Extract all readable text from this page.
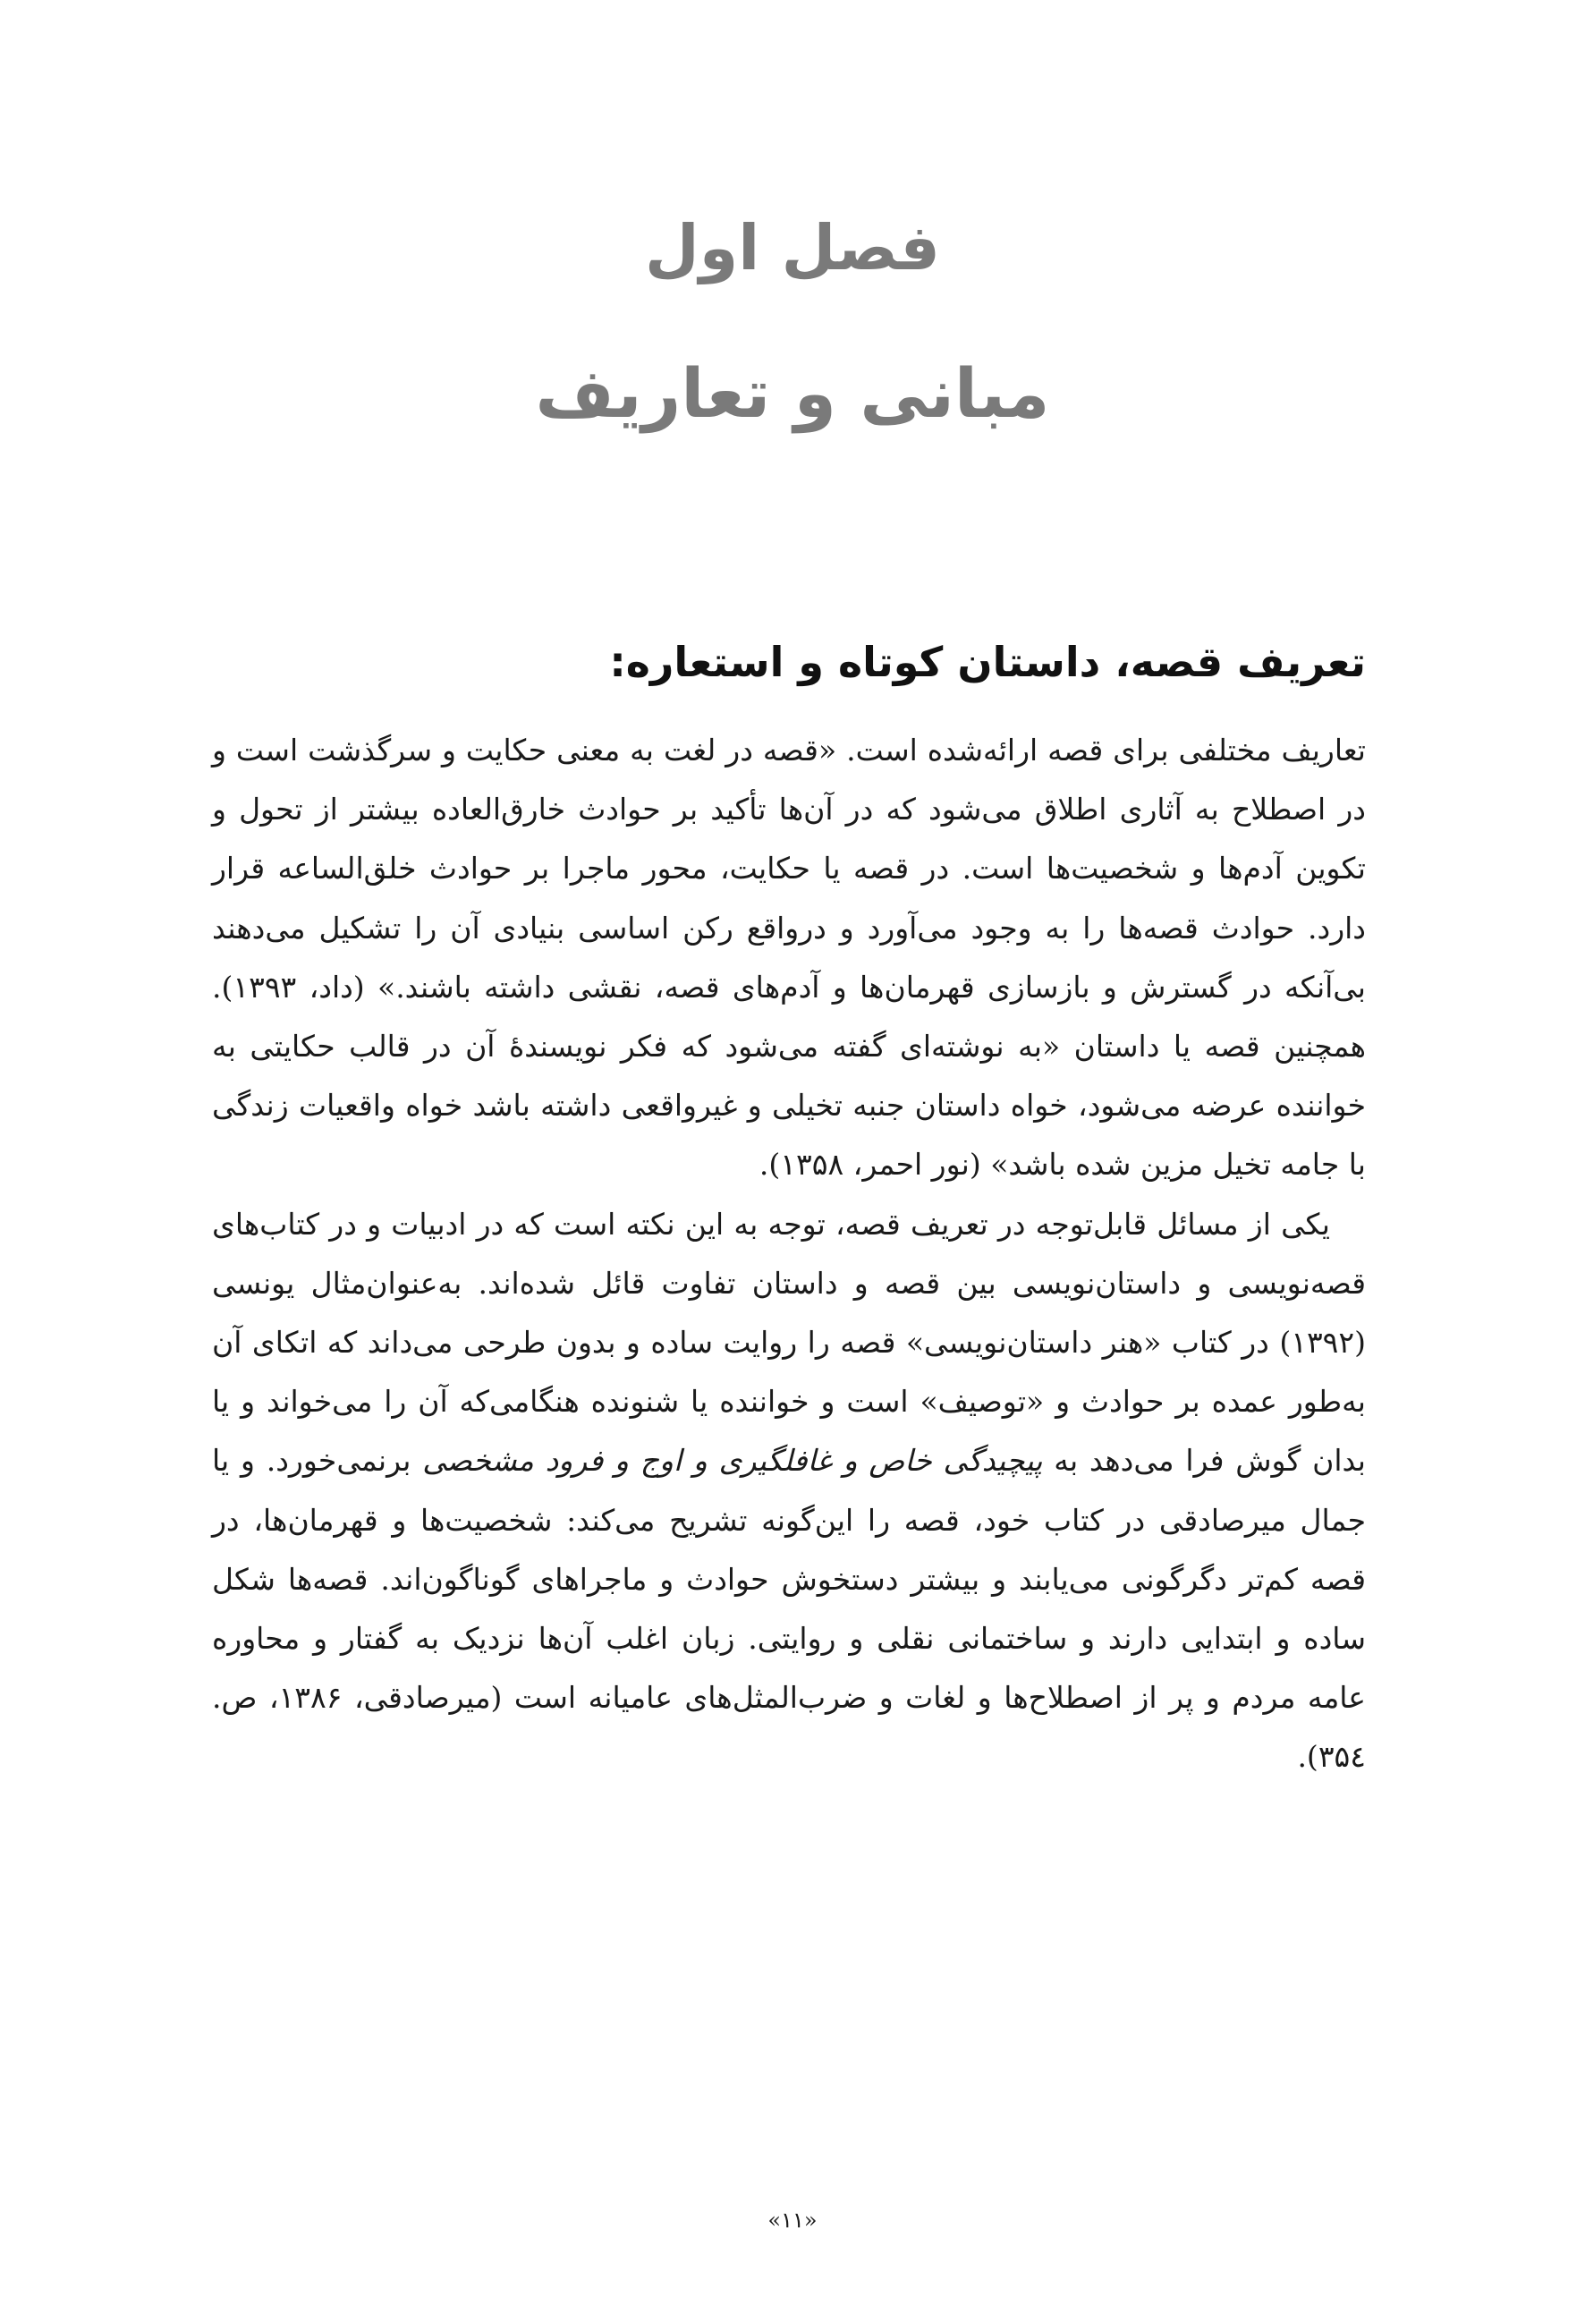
فصل اول
مبانی و تعاریف
تعریف قصه، داستان کوتاه و استعاره:

تعاریف مختلفی برای قصه ارائه‌شده است. «قصه در لغت به معنی حکایت و سرگذشت است و در اصطلاح به آثاری اطلاق می‌شود که در آن‌ها تأکید بر حوادث خارق‌العاده بیشتر از تحول و تکوین آدم‌ها و شخصیت‌ها است. در قصه یا حکایت، محور ماجرا بر حوادث خلق‌الساعه قرار دارد. حوادث قصه‌ها را به وجود می‌آورد و درواقع رکن اساسی بنیادی آن را تشکیل می‌دهند بی‌آنکه در گسترش و بازسازی قهرمان‌ها و آدم‌های قصه، نقشی داشته باشند.» (داد، ۱۳۹۳). همچنین قصه یا داستان «به نوشته‌ای گفته می‌شود که فکر نویسندهٔ آن در قالب حکایتی به خواننده عرضه می‌شود، خواه داستان جنبه تخیلی و غیرواقعی داشته باشد خواه واقعیات زندگی با جامه تخیل مزین شده باشد» (نور احمر، ۱۳۵۸).

یکی از مسائل قابل‌توجه در تعریف قصه، توجه به این نکته است که در ادبیات و در کتاب‌های قصه‌نویسی و داستان‌نویسی بین قصه و داستان تفاوت قائل شده‌اند. به‌عنوان‌مثال یونسی (۱۳۹۲) در کتاب «هنر داستان‌نویسی» قصه را روایت ساده و بدون طرحی می‌داند که اتکای آن به‌طور عمده بر حوادث و «توصیف» است و خواننده یا شنونده هنگامی‌که آن را می‌خواند و یا بدان گوش فرا می‌دهد به پیچیدگی خاص و غافلگیری و اوج و فرود مشخصی برنمی‌خورد. و یا جمال میرصادقی در کتاب خود، قصه را این‌گونه تشریح می‌کند: شخصیت‌ها و قهرمان‌ها، در قصه کم‌تر دگرگونی می‌یابند و بیشتر دستخوش حوادث و ماجراهای گوناگون‌اند. قصه‌ها شکل ساده و ابتدایی دارند و ساختمانی نقلی و روایتی. زبان اغلب آن‌ها نزدیک به گفتار و محاوره عامه مردم و پر از اصطلاح‌ها و لغات و ضرب‌المثل‌های عامیانه است (میرصادقی، ۱۳۸۶، ص. ۳۵٤).

«۱۱»
